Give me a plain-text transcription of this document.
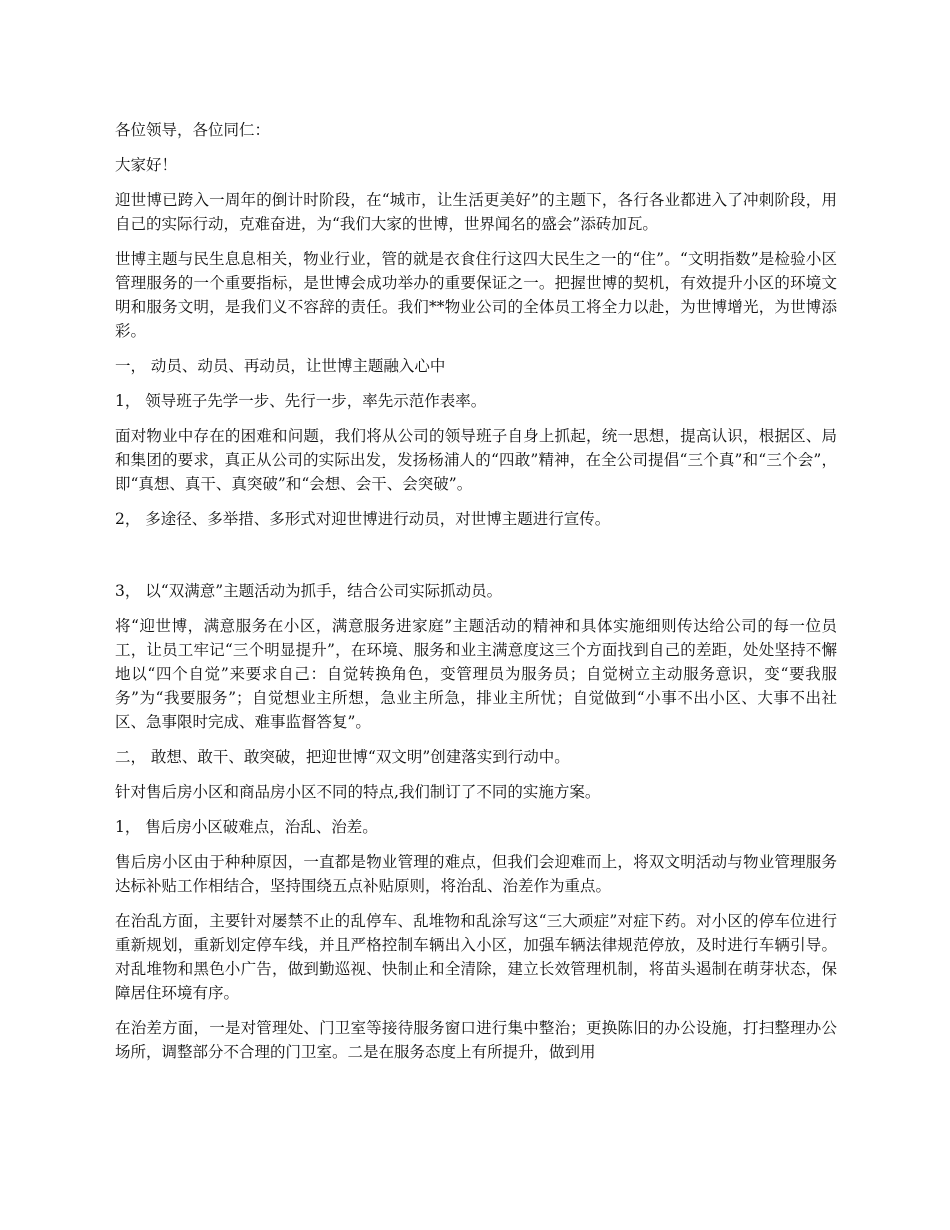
各位领导，各位同仁：

大家好！

迎世博已跨入一周年的倒计时阶段，在“城市，让生活更美好”的主题下，各行各业都进入了冲刺阶段，用自己的实际行动，克难奋进，为“我们大家的世博，世界闻名的盛会”添砖加瓦。

世博主题与民生息息相关，物业行业，管的就是衣食住行这四大民生之一的“住”。“文明指数”是检验小区管理服务的一个重要指标，是世博会成功举办的重要保证之一。把握世博的契机，有效提升小区的环境文明和服务文明，是我们义不容辞的责任。我们**物业公司的全体员工将全力以赴，为世博增光，为世博添彩。

一， 动员、动员、再动员，让世博主题融入心中

1， 领导班子先学一步、先行一步，率先示范作表率。

面对物业中存在的困难和问题，我们将从公司的领导班子自身上抓起，统一思想，提高认识，根据区、局和集团的要求，真正从公司的实际出发，发扬杨浦人的“四敢”精神，在全公司提倡“三个真”和“三个会”，即“真想、真干、真突破”和“会想、会干、会突破”。

2， 多途径、多举措、多形式对迎世博进行动员，对世博主题进行宣传。

3， 以“双满意”主题活动为抓手，结合公司实际抓动员。

将“迎世博，满意服务在小区，满意服务进家庭”主题活动的精神和具体实施细则传达给公司的每一位员工，让员工牢记“三个明显提升”，在环境、服务和业主满意度这三个方面找到自己的差距，处处坚持不懈地以“四个自觉”来要求自己：自觉转换角色，变管理员为服务员；自觉树立主动服务意识，变“要我服务”为“我要服务”；自觉想业主所想，急业主所急，排业主所忧；自觉做到“小事不出小区、大事不出社区、急事限时完成、难事监督答复”。

二， 敢想、敢干、敢突破，把迎世博“双文明”创建落实到行动中。

针对售后房小区和商品房小区不同的特点,我们制订了不同的实施方案。

1， 售后房小区破难点，治乱、治差。

售后房小区由于种种原因，一直都是物业管理的难点，但我们会迎难而上，将双文明活动与物业管理服务达标补贴工作相结合，坚持围绕五点补贴原则，将治乱、治差作为重点。

在治乱方面，主要针对屡禁不止的乱停车、乱堆物和乱涂写这“三大顽症”对症下药。对小区的停车位进行重新规划，重新划定停车线，并且严格控制车辆出入小区，加强车辆法律规范停放，及时进行车辆引导。对乱堆物和黑色小广告，做到勤巡视、快制止和全清除，建立长效管理机制，将苗头遏制在萌芽状态，保障居住环境有序。

在治差方面，一是对管理处、门卫室等接待服务窗口进行集中整治；更换陈旧的办公设施，打扫整理办公场所，调整部分不合理的门卫室。二是在服务态度上有所提升，做到用
